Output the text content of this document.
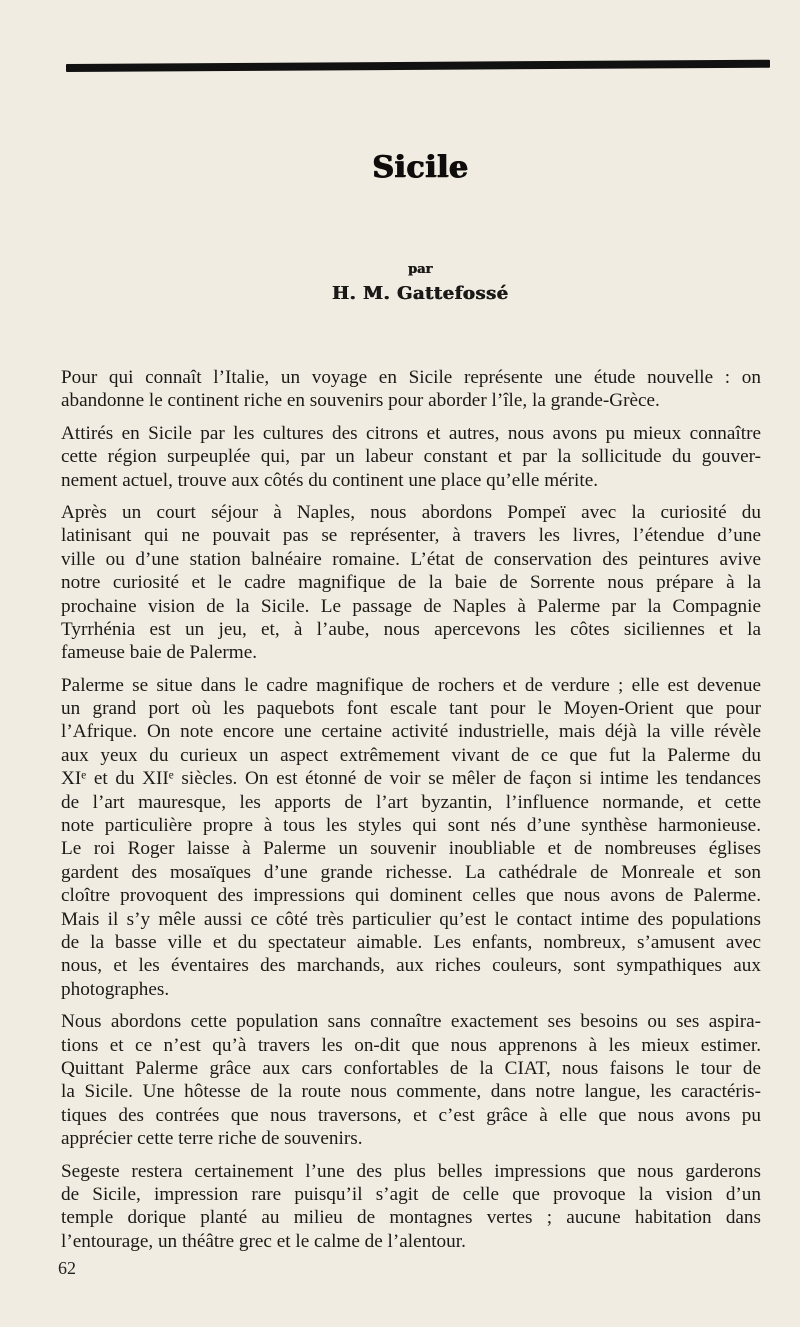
Sicile
par
H. M. Gattefossé
Pour qui connaît l’Italie, un voyage en Sicile représente une étude nouvelle : on
abandonne le continent riche en souvenirs pour aborder l’île, la grande-Grèce.
Attirés en Sicile par les cultures des citrons et autres, nous avons pu mieux connaître
cette région surpeuplée qui, par un labeur constant et par la sollicitude du gouver-
nement actuel, trouve aux côtés du continent une place qu’elle mérite.
Après un court séjour à Naples, nous abordons Pompeï avec la curiosité du
latinisant qui ne pouvait pas se représenter, à travers les livres, l’étendue d’une
ville ou d’une station balnéaire romaine. L’état de conservation des peintures avive
notre curiosité et le cadre magnifique de la baie de Sorrente nous prépare à la
prochaine vision de la Sicile. Le passage de Naples à Palerme par la Compagnie
Tyrrhénia est un jeu, et, à l’aube, nous apercevons les côtes siciliennes et la
fameuse baie de Palerme.
Palerme se situe dans le cadre magnifique de rochers et de verdure ; elle est devenue
un grand port où les paquebots font escale tant pour le Moyen-Orient que pour
l’Afrique. On note encore une certaine activité industrielle, mais déjà la ville révèle
aux yeux du curieux un aspect extrêmement vivant de ce que fut la Palerme du
XIᵉ et du XIIᵉ siècles. On est étonné de voir se mêler de façon si intime les tendances
de l’art mauresque, les apports de l’art byzantin, l’influence normande, et cette
note particulière propre à tous les styles qui sont nés d’une synthèse harmonieuse.
Le roi Roger laisse à Palerme un souvenir inoubliable et de nombreuses églises
gardent des mosaïques d’une grande richesse. La cathédrale de Monreale et son
cloître provoquent des impressions qui dominent celles que nous avons de Palerme.
Mais il s’y mêle aussi ce côté très particulier qu’est le contact intime des populations
de la basse ville et du spectateur aimable. Les enfants, nombreux, s’amusent avec
nous, et les éventaires des marchands, aux riches couleurs, sont sympathiques aux
photographes.
Nous abordons cette population sans connaître exactement ses besoins ou ses aspira-
tions et ce n’est qu’à travers les on-dit que nous apprenons à les mieux estimer.
Quittant Palerme grâce aux cars confortables de la CIAT, nous faisons le tour de
la Sicile. Une hôtesse de la route nous commente, dans notre langue, les caractéris-
tiques des contrées que nous traversons, et c’est grâce à elle que nous avons pu
apprécier cette terre riche de souvenirs.
Segeste restera certainement l’une des plus belles impressions que nous garderons
de Sicile, impression rare puisqu’il s’agit de celle que provoque la vision d’un
temple dorique planté au milieu de montagnes vertes ; aucune habitation dans
l’entourage, un théâtre grec et le calme de l’alentour.
62
